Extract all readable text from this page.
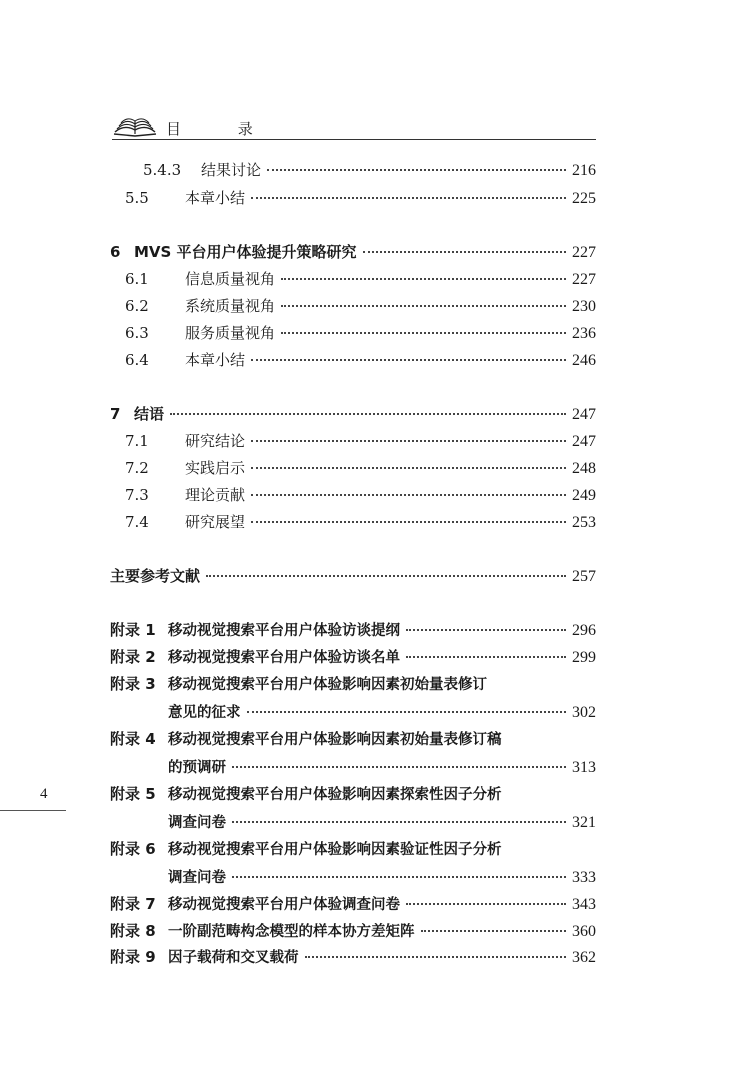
目 录
5.4.3	结果讨论	216
5.5	本章小结	225
6 MVS 平台用户体验提升策略研究	227
6.1	信息质量视角	227
6.2	系统质量视角	230
6.3	服务质量视角	236
6.4	本章小结	246
7 结语	247
7.1	研究结论	247
7.2	实践启示	248
7.3	理论贡献	249
7.4	研究展望	253
主要参考文献	257
附录 1 移动视觉搜索平台用户体验访谈提纲	296
附录 2 移动视觉搜索平台用户体验访谈名单	299
附录 3 移动视觉搜索平台用户体验影响因素初始量表修订
意见的征求	302
附录 4 移动视觉搜索平台用户体验影响因素初始量表修订稿
的预调研	313
附录 5 移动视觉搜索平台用户体验影响因素探索性因子分析
调查问卷	321
附录 6 移动视觉搜索平台用户体验影响因素验证性因子分析
调查问卷	333
附录 7 移动视觉搜索平台用户体验调查问卷	343
附录 8 一阶副范畴构念模型的样本协方差矩阵	360
附录 9 因子载荷和交叉载荷	362
4
